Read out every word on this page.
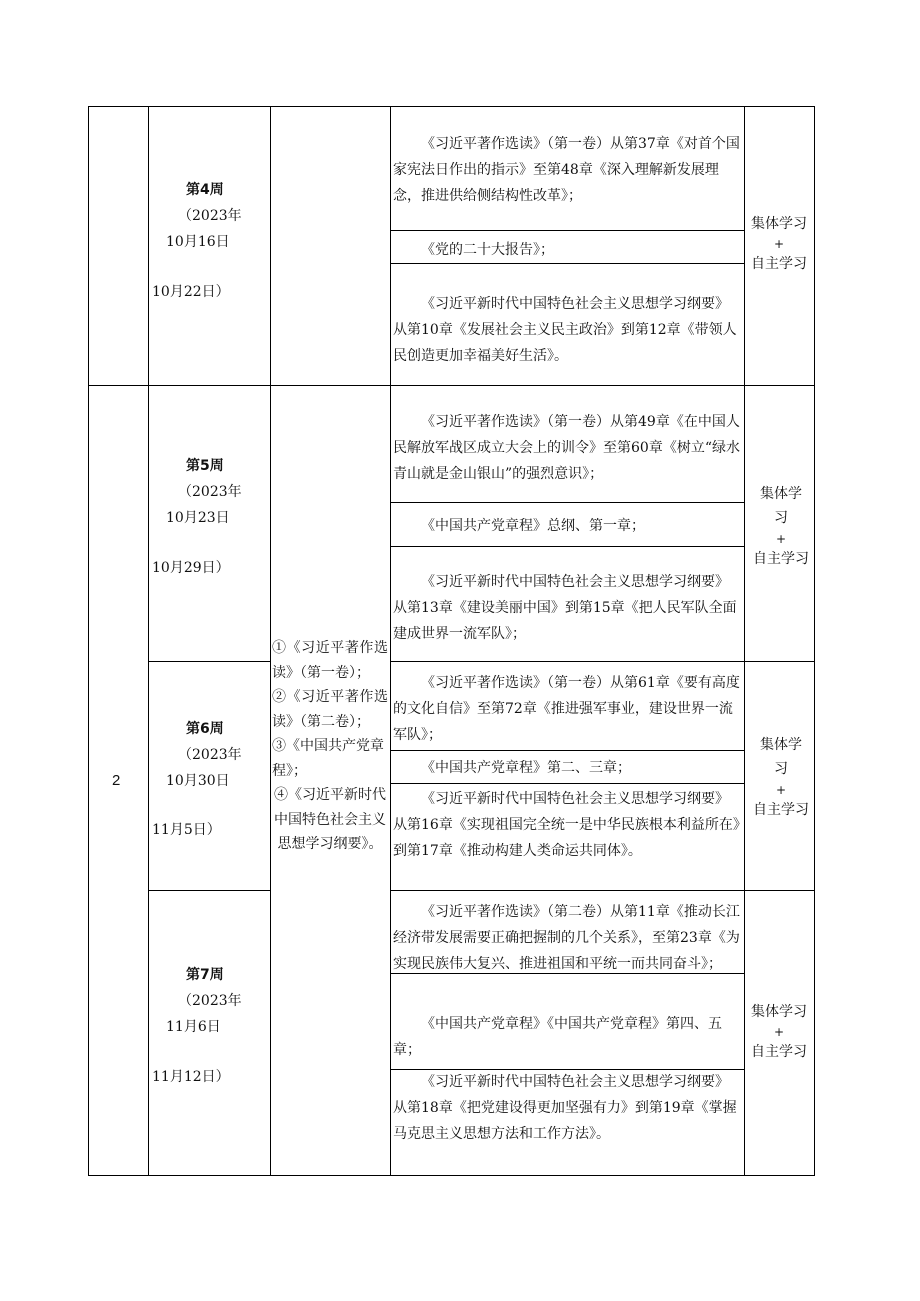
2
①《习近平著作选读》（第一卷）；
②《习近平著作选读》（第二卷）；
③《中国共产党章程》；
④《习近平新时代中国特色社会主义思想学习纲要》。
第4周
（2023年
10月16日
10月22日）
《习近平著作选读》（第一卷）从第37章《对首个国家宪法日作出的指示》至第48章《深入理解新发展理念，推进供给侧结构性改革》；
《党的二十大报告》；
《习近平新时代中国特色社会主义思想学习纲要》从第10章《发展社会主义民主政治》到第12章《带领人民创造更加幸福美好生活》。
集体学习
+
自主学习
第5周
（2023年
10月23日
10月29日）
《习近平著作选读》（第一卷）从第49章《在中国人民解放军战区成立大会上的训令》至第60章《树立“绿水青山就是金山银山”的强烈意识》；
《中国共产党章程》总纲、第一章；
《习近平新时代中国特色社会主义思想学习纲要》从第13章《建设美丽中国》到第15章《把人民军队全面建成世界一流军队》；
集体学习
+
自主学习
第6周
（2023年
10月30日
11月5日）
《习近平著作选读》（第一卷）从第61章《要有高度的文化自信》至第72章《推进强军事业，建设世界一流军队》；
《中国共产党章程》第二、三章；
《习近平新时代中国特色社会主义思想学习纲要》从第16章《实现祖国完全统一是中华民族根本利益所在》到第17章《推动构建人类命运共同体》。
集体学习
+
自主学习
第7周
（2023年
11月6日
11月12日）
《习近平著作选读》（第二卷）从第11章《推动长江经济带发展需要正确把握制的几个关系》，至第23章《为实现民族伟大复兴、推进祖国和平统一而共同奋斗》；
《中国共产党章程》《中国共产党章程》第四、五章；
《习近平新时代中国特色社会主义思想学习纲要》从第18章《把党建设得更加坚强有力》到第19章《掌握马克思主义思想方法和工作方法》。
集体学习
+
自主学习
